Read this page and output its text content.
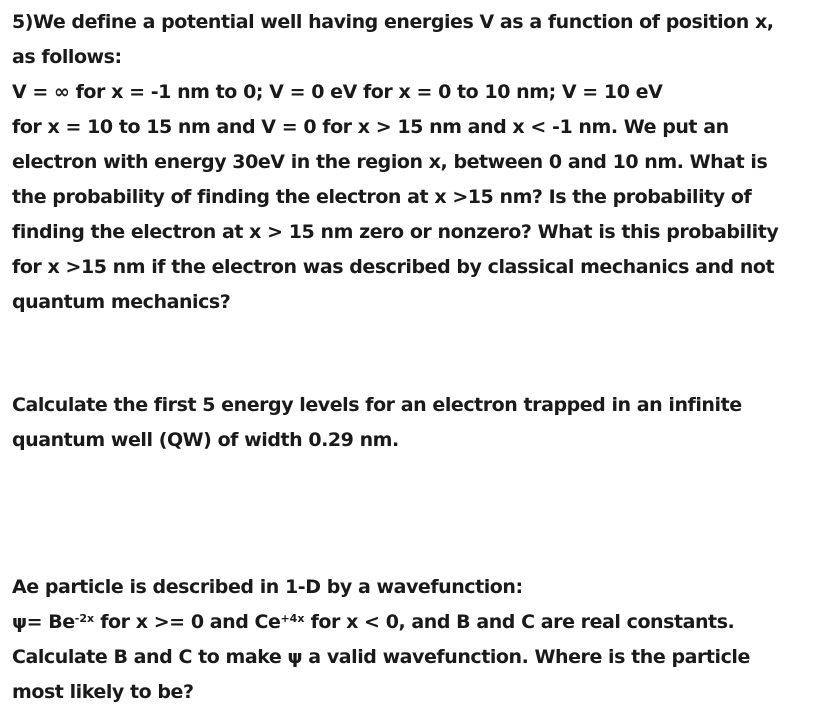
5)We define a potential well having energies V as a function of position x,
as follows:
V = ∞ for x = -1 nm to 0; V = 0 eV for x = 0 to 10 nm; V = 10 eV
for x = 10 to 15 nm and V = 0 for x > 15 nm and x < -1 nm. We put an
electron with energy 30eV in the region x, between 0 and 10 nm. What is
the probability of finding the electron at x >15 nm? Is the probability of
finding the electron at x > 15 nm zero or nonzero? What is this probability
for x >15 nm if the electron was described by classical mechanics and not
quantum mechanics?
Calculate the first 5 energy levels for an electron trapped in an infinite
quantum well (QW) of width 0.29 nm.
Ae particle is described in 1-D by a wavefunction:
$\psi= Be^{-2x}$ for x >= 0 and $Ce^{+4x}$ for x < 0, and B and C are real constants.
Calculate B and C to make ψ a valid wavefunction. Where is the particle
most likely to be?
